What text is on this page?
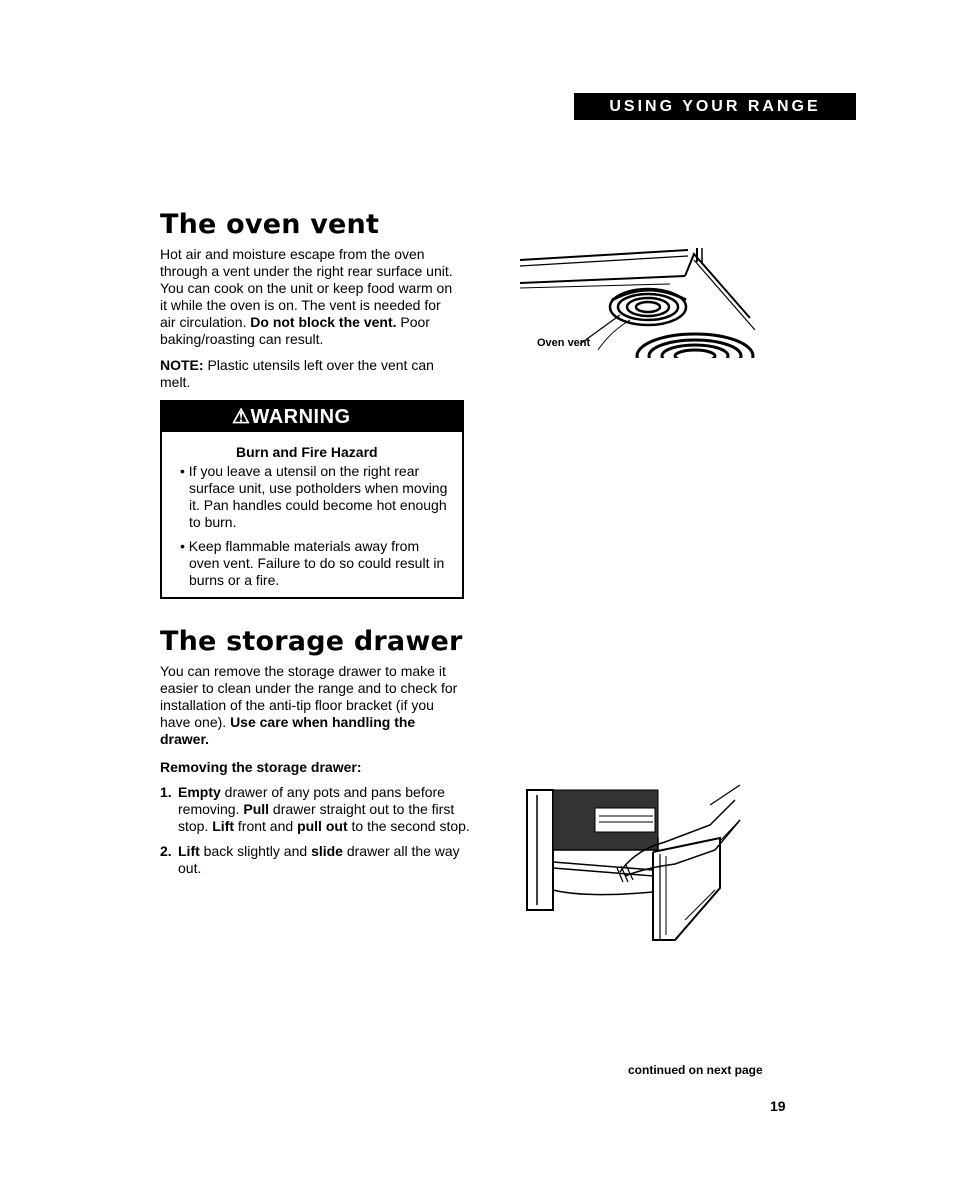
USING YOUR RANGE
The oven vent
Hot air and moisture escape from the oven through a vent under the right rear surface unit. You can cook on the unit or keep food warm on it while the oven is on. The vent is needed for air circulation. Do not block the vent. Poor baking/roasting can result.
NOTE: Plastic utensils left over the vent can melt.
Oven vent
⚠WARNING
Burn and Fire Hazard
• If you leave a utensil on the right rear surface unit, use potholders when moving it. Pan handles could become hot enough to burn.
• Keep flammable materials away from oven vent. Failure to do so could result in burns or a fire.
The storage drawer
You can remove the storage drawer to make it easier to clean under the range and to check for installation of the anti-tip floor bracket (if you have one). Use care when handling the drawer.
Removing the storage drawer:
1. Empty drawer of any pots and pans before removing. Pull drawer straight out to the first stop. Lift front and pull out to the second stop.
2. Lift back slightly and slide drawer all the way out.
continued on next page
19
